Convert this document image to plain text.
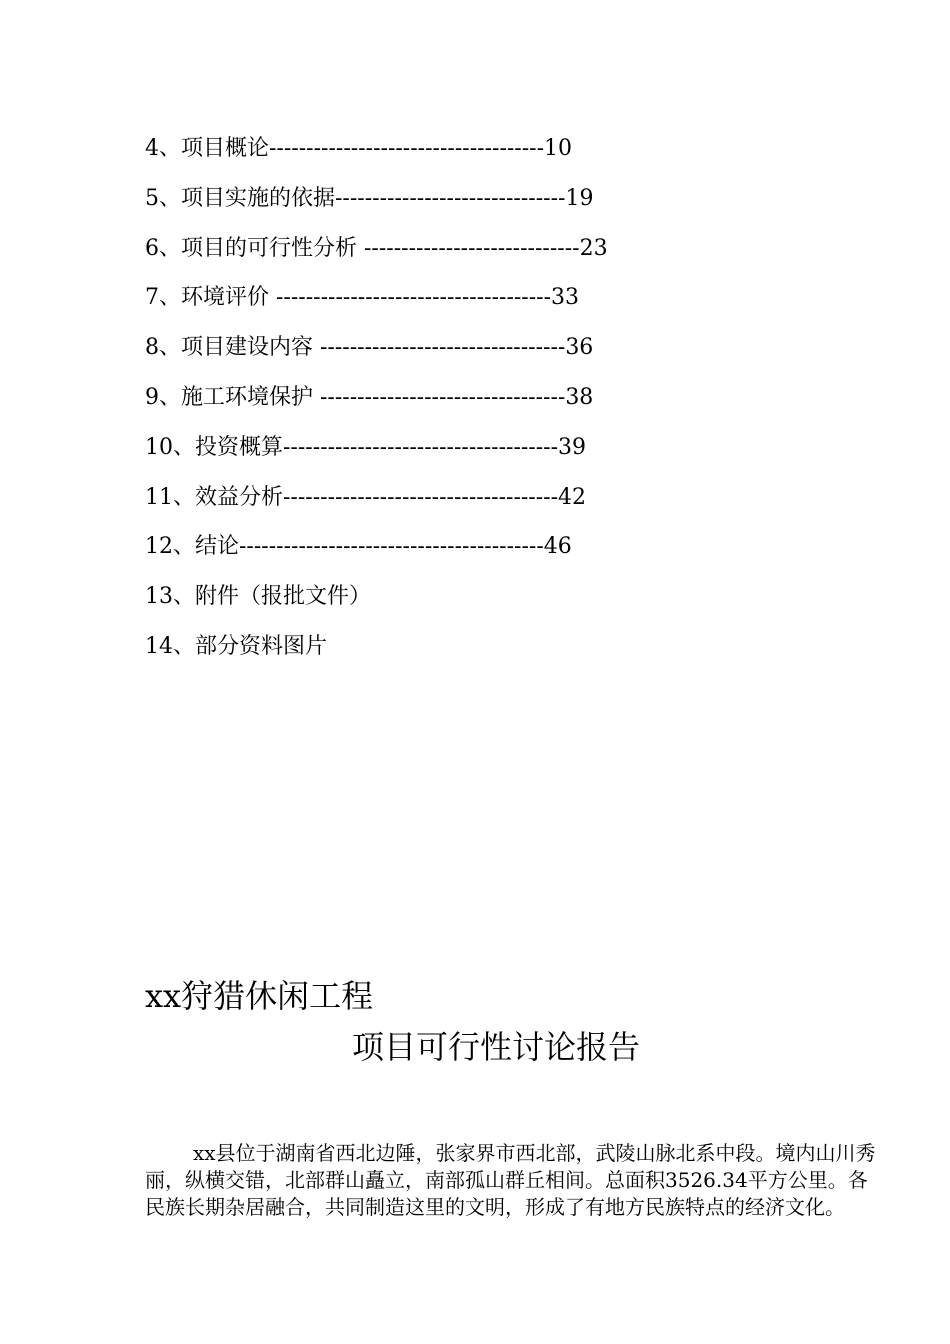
4、项目概论-------------------------------------10
5、项目实施的依据-------------------------------19
6、项目的可行性分析 -----------------------------23
7、环境评价 -------------------------------------33
8、项目建设内容 ---------------------------------36
9、施工环境保护 ---------------------------------38
10、投资概算-------------------------------------39
11、效益分析-------------------------------------42
12、结论-----------------------------------------46
13、附件（报批文件）
14、部分资料图片
xx狩猎休闲工程
项目可行性讨论报告

xx县位于湖南省西北边陲，张家界市西北部，武陵山脉北系中段。境内山川秀丽，纵横交错，北部群山矗立，南部孤山群丘相间。总面积3526.34平方公里。各民族长期杂居融合，共同制造这里的文明，形成了有地方民族特点的经济文化。
